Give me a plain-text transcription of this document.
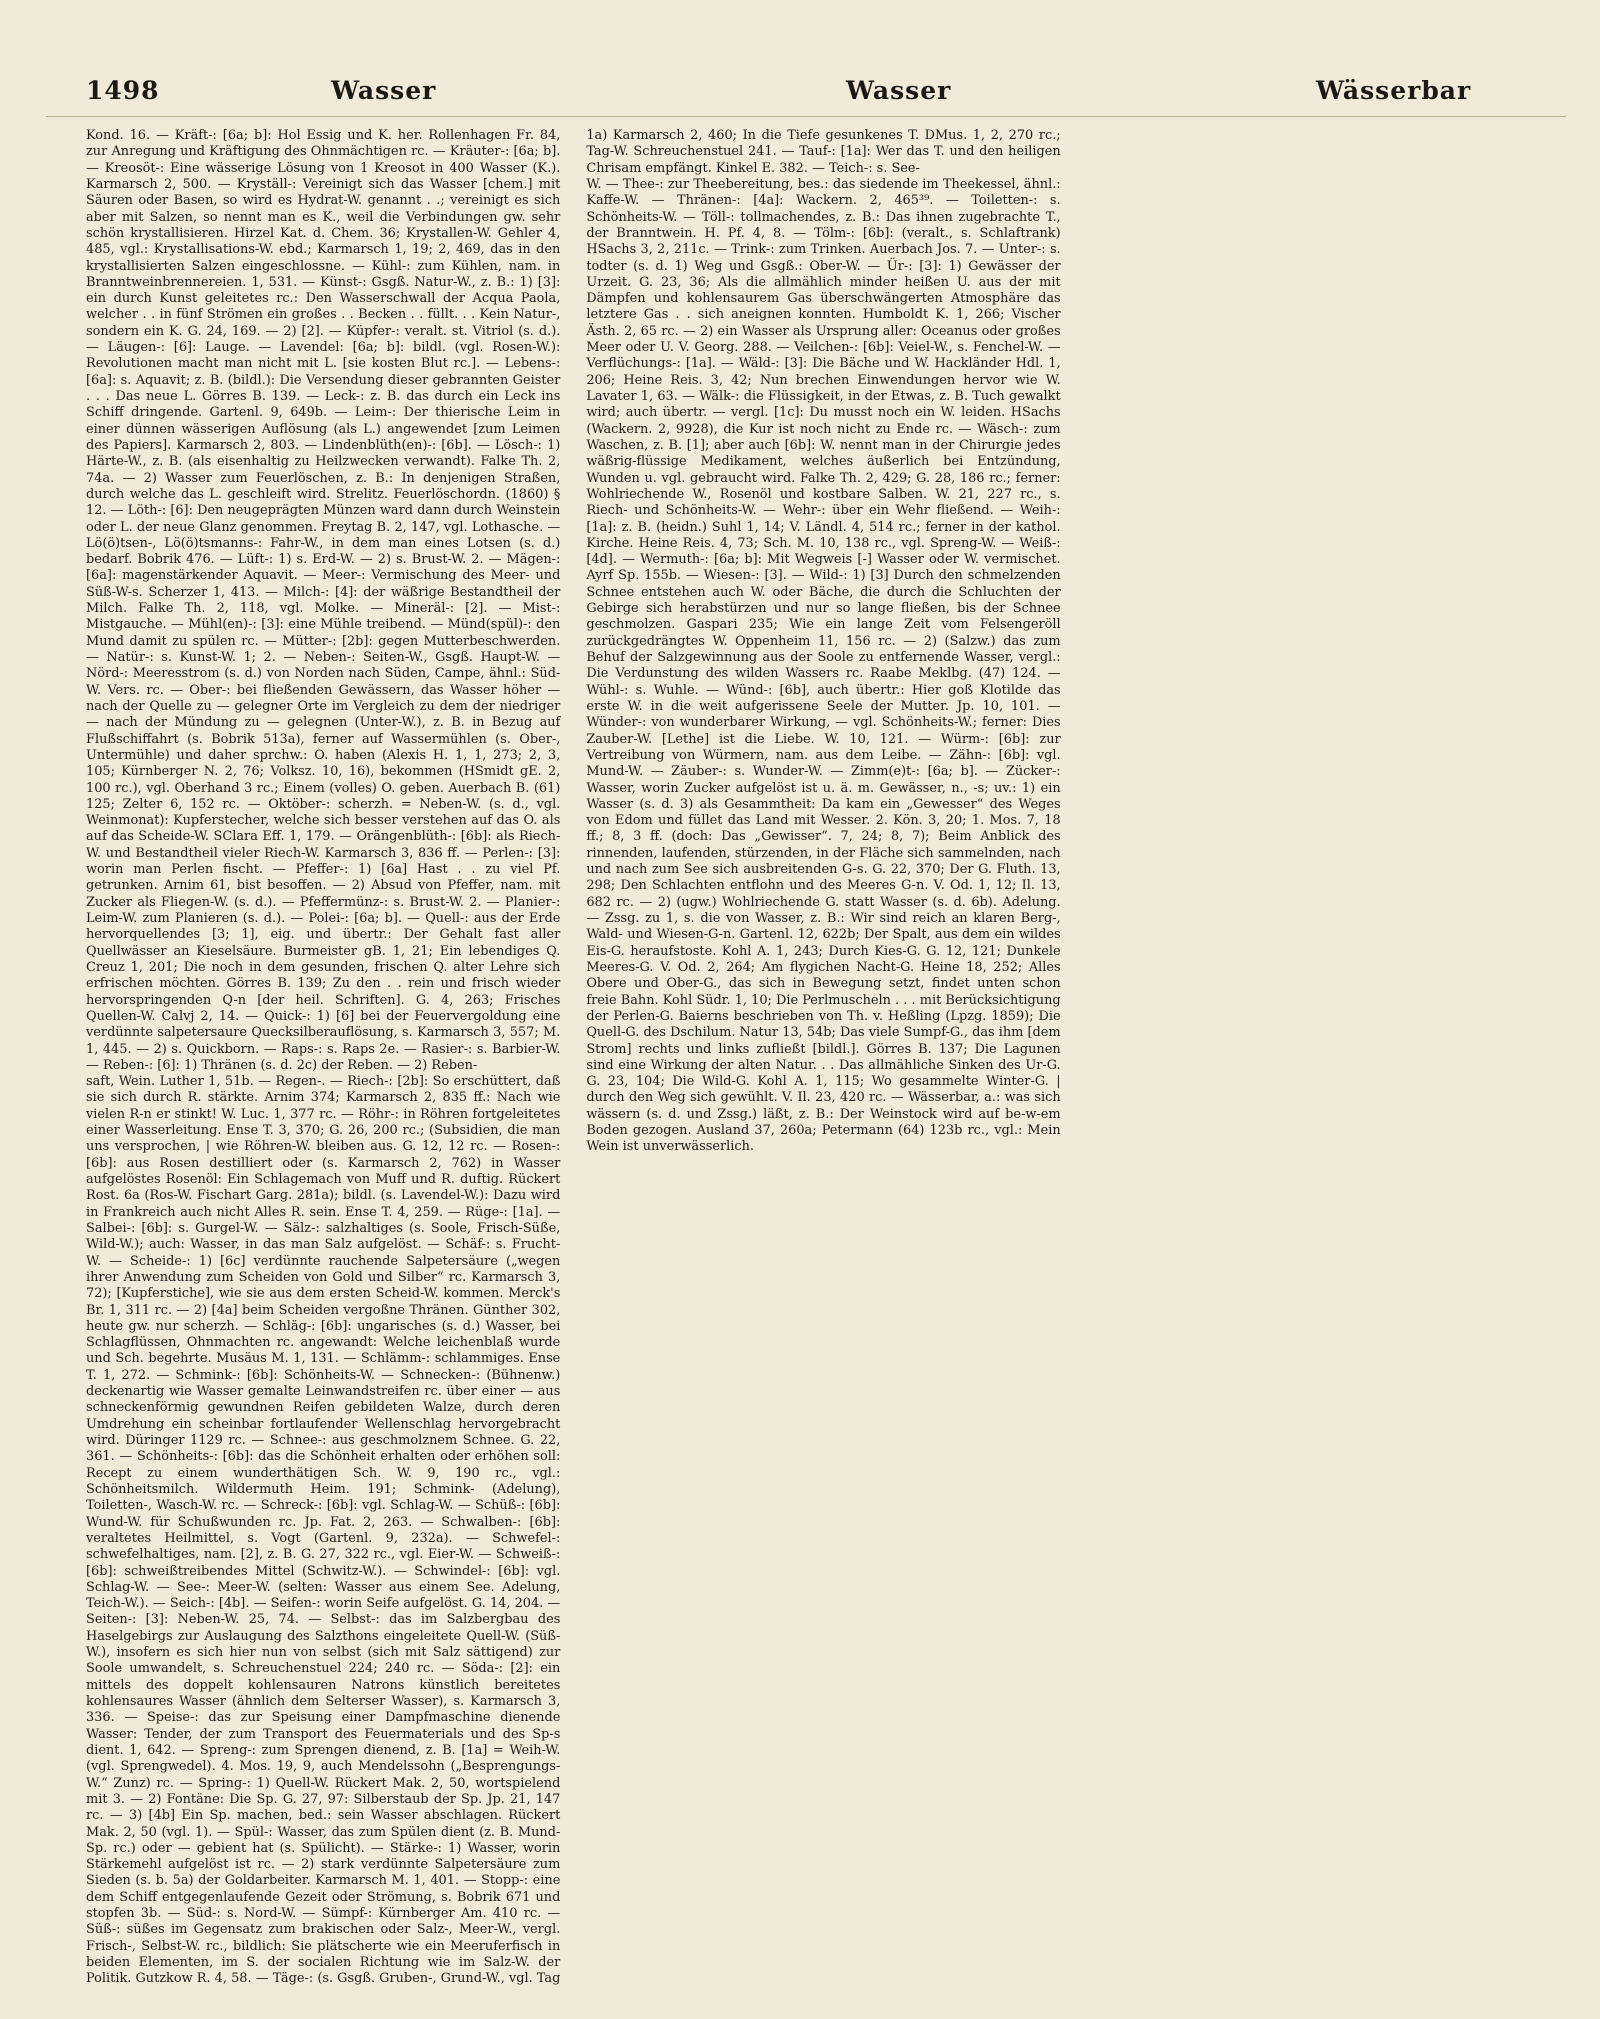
1498	Wasser	Wasser	Wässerbar

Kond. 16. — Kräft-: [6a; b]: Hol Essig und K. her. Rollenhagen Fr. 84, zur Anregung und Kräftigung des Ohnmächtigen rc. — Kräuter-: [6a; b]. — Kreosöt-: Eine wässerige Lösung von 1 Kreosot in 400 Wasser (K.). Karmarsch 2, 500. — Kryställ-: Vereinigt sich das Wasser [chem.] mit Säuren oder Basen, so wird es Hydrat-W. genannt . .; vereinigt es sich aber mit Salzen, so nennt man es K., weil die Verbindungen gw. sehr schön krystallisieren. Hirzel Kat. d. Chem. 36; Krystallen-W. Gehler 4, 485, vgl.: Krystallisations-W. ebd.; Karmarsch 1, 19; 2, 469, das in den krystallisierten Salzen eingeschlossne. — Kühl-: zum Kühlen, nam. in Branntweinbrennereien. 1, 531. — Künst-: Gsgß. Natur-W., z. B.: 1) [3]: ein durch Kunst geleitetes rc.: Den Wasserschwall der Acqua Paola, welcher . . in fünf Strömen ein großes . . Becken . . füllt. . . Kein Natur-, sondern ein K. G. 24, 169. — 2) [2]. — Küpfer-: veralt. st. Vitriol (s. d.). — Läugen-: [6]: Lauge. — Lavendel: [6a; b]: bildl. (vgl. Rosen-W.): Revolutionen macht man nicht mit L. [sie kosten Blut rc.]. — Lebens-: [6a]: s. Aquavit; z. B. (bildl.): Die Versendung dieser gebrannten Geister . . . Das neue L. Görres B. 139. — Leck-: z. B. das durch ein Leck ins Schiff dringende. Gartenl. 9, 649b. — Leim-: Der thierische Leim in einer dünnen wässerigen Auflösung (als L.) angewendet [zum Leimen des Papiers]. Karmarsch 2, 803. — Lindenblüth(en)-: [6b]. — Lösch-: 1) Härte-W., z. B. (als eisenhaltig zu Heilzwecken verwandt). Falke Th. 2, 74a. — 2) Wasser zum Feuerlöschen, z. B.: In denjenigen Straßen, durch welche das L. geschleift wird. Strelitz. Feuerlöschordn. (1860) § 12. — Löth-: [6]: Den neugeprägten Münzen ward dann durch Weinstein oder L. der neue Glanz genommen. Freytag B. 2, 147, vgl. Lothasche. — Lö(ö)tsen-, Lö(ö)tsmanns-: Fahr-W., in dem man eines Lotsen (s. d.) bedarf. Bobrik 476. — Lüft-: 1) s. Erd-W. — 2) s. Brust-W. 2. — Mägen-: [6a]: magenstärkender Aquavit. — Meer-: Vermischung des Meer- und Süß-W-s. Scherzer 1, 413. — Milch-: [4]: der wäßrige Bestandtheil der Milch. Falke Th. 2, 118, vgl. Molke. — Mineräl-: [2]. — Mist-: Mistgauche. — Mühl(en)-: [3]: eine Mühle treibend. — Münd(spül)-: den Mund damit zu spülen rc. — Mütter-: [2b]: gegen Mutterbeschwerden. — Natür-: s. Kunst-W. 1; 2. — Neben-: Seiten-W., Gsgß. Haupt-W. — Nörd-: Meeresstrom (s. d.) von Norden nach Süden, Campe, ähnl.: Süd-W. Vers. rc. — Ober-: bei fließenden Gewässern, das Wasser höher — nach der Quelle zu — gelegner Orte im Vergleich zu dem der niedriger — nach der Mündung zu — gelegnen (Unter-W.), z. B. in Bezug auf Flußschiffahrt (s. Bobrik 513a), ferner auf Wassermühlen (s. Ober-, Untermühle) und daher sprchw.: O. haben (Alexis H. 1, 1, 273; 2, 3, 105; Kürnberger N. 2, 76; Volksz. 10, 16), bekommen (HSmidt gE. 2, 100 rc.), vgl. Oberhand 3 rc.; Einem (volles) O. geben. Auerbach B. (61) 125; Zelter 6, 152 rc. — Oktöber-: scherzh. = Neben-W. (s. d., vgl. Weinmonat): Kupferstecher, welche sich besser verstehen auf das O. als auf das Scheide-W. SClara Eff. 1, 179. — Orängenblüth-: [6b]: als Riech-W. und Bestandtheil vieler Riech-W. Karmarsch 3, 836 ff. — Perlen-: [3]: worin man Perlen fischt. — Pfeffer-: 1) [6a] Hast . . zu viel Pf. getrunken. Arnim 61, bist besoffen. — 2) Absud von Pfeffer, nam. mit Zucker als Fliegen-W. (s. d.). — Pfeffermünz-: s. Brust-W. 2. — Planier-: Leim-W. zum Planieren (s. d.). — Polei-: [6a; b]. — Quell-: aus der Erde hervorquellendes [3; 1], eig. und übertr.: Der Gehalt fast aller Quellwässer an Kieselsäure. Burmeister gB. 1, 21; Ein lebendiges Q. Creuz 1, 201; Die noch in dem gesunden, frischen Q. alter Lehre sich erfrischen möchten. Görres B. 139; Zu den . . rein und frisch wieder hervorspringenden Q-n [der heil. Schriften]. G. 4, 263; Frisches Quellen-W. Calvj 2, 14. — Quick-: 1) [6] bei der Feuervergoldung eine verdünnte salpetersaure Quecksilberauflösung, s. Karmarsch 3, 557; M. 1, 445. — 2) s. Quickborn. — Raps-: s. Raps 2e. — Rasier-: s. Barbier-W. — Reben-: [6]: 1) Thränen (s. d. 2c) der Reben. — 2) Reben-

saft, Wein. Luther 1, 51b. — Regen-. — Riech-: [2b]: So erschüttert, daß sie sich durch R. stärkte. Arnim 374; Karmarsch 2, 835 ff.: Nach wie vielen R-n er stinkt! W. Luc. 1, 377 rc. — Röhr-: in Röhren fortgeleitetes einer Wasserleitung. Ense T. 3, 370; G. 26, 200 rc.; (Subsidien, die man uns versprochen, | wie Röhren-W. bleiben aus. G. 12, 12 rc. — Rosen-: [6b]: aus Rosen destilliert oder (s. Karmarsch 2, 762) in Wasser aufgelöstes Rosenöl: Ein Schlagemach von Muff und R. duftig. Rückert Rost. 6a (Ros-W. Fischart Garg. 281a); bildl. (s. Lavendel-W.): Dazu wird in Frankreich auch nicht Alles R. sein. Ense T. 4, 259. — Rüge-: [1a]. — Salbei-: [6b]: s. Gurgel-W. — Sälz-: salzhaltiges (s. Soole, Frisch-Süße, Wild-W.); auch: Wasser, in das man Salz aufgelöst. — Schäf-: s. Frucht-W. — Scheide-: 1) [6c] verdünnte rauchende Salpetersäure („wegen ihrer Anwendung zum Scheiden von Gold und Silber“ rc. Karmarsch 3, 72); [Kupferstiche], wie sie aus dem ersten Scheid-W. kommen. Merck's Br. 1, 311 rc. — 2) [4a] beim Scheiden vergoßne Thränen. Günther 302, heute gw. nur scherzh. — Schläg-: [6b]: ungarisches (s. d.) Wasser, bei Schlagflüssen, Ohnmachten rc. angewandt: Welche leichenblaß wurde und Sch. begehrte. Musäus M. 1, 131. — Schlämm-: schlammiges. Ense T. 1, 272. — Schmink-: [6b]: Schönheits-W. — Schnecken-: (Bühnenw.) deckenartig wie Wasser gemalte Leinwandstreifen rc. über einer — aus schneckenförmig gewundnen Reifen gebildeten Walze, durch deren Umdrehung ein scheinbar fortlaufender Wellenschlag hervorgebracht wird. Düringer 1129 rc. — Schnee-: aus geschmolznem Schnee. G. 22, 361. — Schönheits-: [6b]: das die Schönheit erhalten oder erhöhen soll: Recept zu einem wunderthätigen Sch. W. 9, 190 rc., vgl.: Schönheitsmilch. Wildermuth Heim. 191; Schmink- (Adelung), Toiletten-, Wasch-W. rc. — Schreck-: [6b]: vgl. Schlag-W. — Schüß-: [6b]: Wund-W. für Schußwunden rc. Jp. Fat. 2, 263. — Schwalben-: [6b]: veraltetes Heilmittel, s. Vogt (Gartenl. 9, 232a). — Schwefel-: schwefelhaltiges, nam. [2], z. B. G. 27, 322 rc., vgl. Eier-W. — Schweiß-: [6b]: schweißtreibendes Mittel (Schwitz-W.). — Schwindel-: [6b]: vgl. Schlag-W. — See-: Meer-W. (selten: Wasser aus einem See. Adelung, Teich-W.). — Seich-: [4b]. — Seifen-: worin Seife aufgelöst. G. 14, 204. — Seiten-: [3]: Neben-W. 25, 74. — Selbst-: das im Salzbergbau des Haselgebirgs zur Auslaugung des Salzthons eingeleitete Quell-W. (Süß-W.), insofern es sich hier nun von selbst (sich mit Salz sättigend) zur Soole umwandelt, s. Schreuchenstuel 224; 240 rc. — Söda-: [2]: ein mittels des doppelt kohlensauren Natrons künstlich bereitetes kohlensaures Wasser (ähnlich dem Selterser Wasser), s. Karmarsch 3, 336. — Speise-: das zur Speisung einer Dampfmaschine dienende Wasser: Tender, der zum Transport des Feuermaterials und des Sp-s dient. 1, 642. — Spreng-: zum Sprengen dienend, z. B. [1a] = Weih-W. (vgl. Sprengwedel). 4. Mos. 19, 9, auch Mendelssohn („Besprengungs-W.“ Zunz) rc. — Spring-: 1) Quell-W. Rückert Mak. 2, 50, wortspielend mit 3. — 2) Fontäne: Die Sp. G. 27, 97: Silberstaub der Sp. Jp. 21, 147 rc. — 3) [4b] Ein Sp. machen, bed.: sein Wasser abschlagen. Rückert Mak. 2, 50 (vgl. 1). — Spül-: Wasser, das zum Spülen dient (z. B. Mund-Sp. rc.) oder — gebient hat (s. Spülicht). — Stärke-: 1) Wasser, worin Stärkemehl aufgelöst ist rc. — 2) stark verdünnte Salpetersäure zum Sieden (s. b. 5a) der Goldarbeiter. Karmarsch M. 1, 401. — Stopp-: eine dem Schiff entgegenlaufende Gezeit oder Strömung, s. Bobrik 671 und stopfen 3b. — Süd-: s. Nord-W. — Sümpf-: Kürnberger Am. 410 rc. — Süß-: süßes im Gegensatz zum brakischen oder Salz-, Meer-W., vergl. Frisch-, Selbst-W. rc., bildlich: Sie plätscherte wie ein Meeruferfisch in beiden Elementen, im S. der socialen Richtung wie im Salz-W. der Politik. Gutzkow R. 4, 58. — Täge-: (s. Gsgß. Gruben-, Grund-W., vgl. Tag 1a) Karmarsch 2, 460; In die Tiefe gesunkenes T. DMus. 1, 2, 270 rc.; Tag-W. Schreuchenstuel 241. — Tauf-: [1a]: Wer das T. und den heiligen Chrisam empfängt. Kinkel E. 382. — Teich-: s. See-

W. — Thee-: zur Theebereitung, bes.: das siedende im Theekessel, ähnl.: Kaffe-W. — Thränen-: [4a]: Wackern. 2, 465³⁹. — Toiletten-: s. Schönheits-W. — Töll-: tollmachendes, z. B.: Das ihnen zugebrachte T., der Branntwein. H. Pf. 4, 8. — Tölm-: [6b]: (veralt., s. Schlaftrank) HSachs 3, 2, 211c. — Trink-: zum Trinken. Auerbach Jos. 7. — Unter-: s. todter (s. d. 1) Weg und Gsgß.: Ober-W. — Ür-: [3]: 1) Gewässer der Urzeit. G. 23, 36; Als die allmählich minder heißen U. aus der mit Dämpfen und kohlensaurem Gas überschwängerten Atmosphäre das letztere Gas . . sich aneignen konnten. Humboldt K. 1, 266; Vischer Ästh. 2, 65 rc. — 2) ein Wasser als Ursprung aller: Oceanus oder großes Meer oder U. V. Georg. 288. — Veilchen-: [6b]: Veiel-W., s. Fenchel-W. — Verflüchungs-: [1a]. — Wäld-: [3]: Die Bäche und W. Hackländer Hdl. 1, 206; Heine Reis. 3, 42; Nun brechen Einwendungen hervor wie W. Lavater 1, 63. — Wälk-: die Flüssigkeit, in der Etwas, z. B. Tuch gewalkt wird; auch übertr. — vergl. [1c]: Du musst noch ein W. leiden. HSachs (Wackern. 2, 9928), die Kur ist noch nicht zu Ende rc. — Wäsch-: zum Waschen, z. B. [1]; aber auch [6b]: W. nennt man in der Chirurgie jedes wäßrig-flüssige Medikament, welches äußerlich bei Entzündung, Wunden u. vgl. gebraucht wird. Falke Th. 2, 429; G. 28, 186 rc.; ferner: Wohlriechende W., Rosenöl und kostbare Salben. W. 21, 227 rc., s. Riech- und Schönheits-W. — Wehr-: über ein Wehr fließend. — Weih-: [1a]: z. B. (heidn.) Suhl 1, 14; V. Ländl. 4, 514 rc.; ferner in der kathol. Kirche. Heine Reis. 4, 73; Sch. M. 10, 138 rc., vgl. Spreng-W. — Weiß-: [4d]. — Wermuth-: [6a; b]: Mit Wegweis [-] Wasser oder W. vermischet. Ayrf Sp. 155b. — Wiesen-: [3]. — Wild-: 1) [3] Durch den schmelzenden Schnee entstehen auch W. oder Bäche, die durch die Schluchten der Gebirge sich herabstürzen und nur so lange fließen, bis der Schnee geschmolzen. Gaspari 235; Wie ein lange Zeit vom Felsengeröll zurückgedrängtes W. Oppenheim 11, 156 rc. — 2) (Salzw.) das zum Behuf der Salzgewinnung aus der Soole zu entfernende Wasser, vergl.: Die Verdunstung des wilden Wassers rc. Raabe Meklbg. (47) 124. — Wühl-: s. Wuhle. — Wünd-: [6b], auch übertr.: Hier goß Klotilde das erste W. in die weit aufgerissene Seele der Mutter. Jp. 10, 101. — Wünder-: von wunderbarer Wirkung, — vgl. Schönheits-W.; ferner: Dies Zauber-W. [Lethe] ist die Liebe. W. 10, 121. — Würm-: [6b]: zur Vertreibung von Würmern, nam. aus dem Leibe. — Zähn-: [6b]: vgl. Mund-W. — Zäuber-: s. Wunder-W. — Zimm(e)t-: [6a; b]. — Zücker-: Wasser, worin Zucker aufgelöst ist u. ä. m. Gewässer, n., -s; uv.: 1) ein Wasser (s. d. 3) als Gesammtheit: Da kam ein „Gewesser“ des Weges von Edom und füllet das Land mit Wesser. 2. Kön. 3, 20; 1. Mos. 7, 18 ff.; 8, 3 ff. (doch: Das „Gewisser“. 7, 24; 8, 7); Beim Anblick des rinnenden, laufenden, stürzenden, in der Fläche sich sammelnden, nach und nach zum See sich ausbreitenden G-s. G. 22, 370; Der G. Fluth. 13, 298; Den Schlachten entflohn und des Meeres G-n. V. Od. 1, 12; Il. 13, 682 rc. — 2) (ugw.) Wohlriechende G. statt Wasser (s. d. 6b). Adelung. — Zssg. zu 1, s. die von Wasser, z. B.: Wir sind reich an klaren Berg-, Wald- und Wiesen-G-n. Gartenl. 12, 622b; Der Spalt, aus dem ein wildes Eis-G. heraufstoste. Kohl A. 1, 243; Durch Kies-G. G. 12, 121; Dunkele Meeres-G. V. Od. 2, 264; Am flygichen Nacht-G. Heine 18, 252; Alles Obere und Ober-G., das sich in Bewegung setzt, findet unten schon freie Bahn. Kohl Südr. 1, 10; Die Perlmuscheln . . . mit Berücksichtigung der Perlen-G. Baierns beschrieben von Th. v. Heßling (Lpzg. 1859); Die Quell-G. des Dschilum. Natur 13, 54b; Das viele Sumpf-G., das ihm [dem Strom] rechts und links zufließt [bildl.]. Görres B. 137; Die Lagunen sind eine Wirkung der alten Natur. . . Das allmähliche Sinken des Ur-G. G. 23, 104; Die Wild-G. Kohl A. 1, 115; Wo gesammelte Winter-G. | durch den Weg sich gewühlt. V. Il. 23, 420 rc. — Wässerbar, a.: was sich wässern (s. d. und Zssg.) läßt, z. B.: Der Weinstock wird auf be-w-em Boden gezogen. Ausland 37, 260a; Petermann (64) 123b rc., vgl.: Mein Wein ist unverwässerlich.
